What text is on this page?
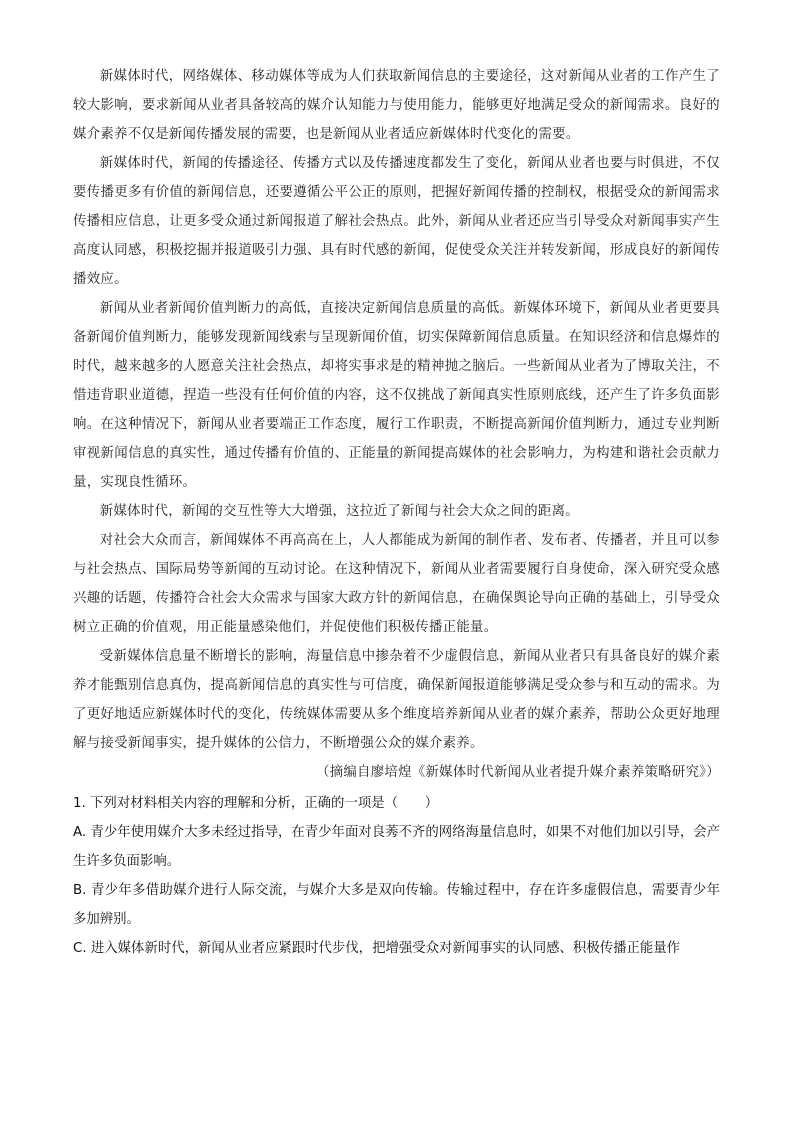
新媒体时代，网络媒体、移动媒体等成为人们获取新闻信息的主要途径，这对新闻从业者的工作产生了较大影响，要求新闻从业者具备较高的媒介认知能力与使用能力，能够更好地满足受众的新闻需求。良好的媒介素养不仅是新闻传播发展的需要，也是新闻从业者适应新媒体时代变化的需要。

新媒体时代，新闻的传播途径、传播方式以及传播速度都发生了变化，新闻从业者也要与时俱进，不仅要传播更多有价值的新闻信息，还要遵循公平公正的原则，把握好新闻传播的控制权，根据受众的新闻需求传播相应信息，让更多受众通过新闻报道了解社会热点。此外，新闻从业者还应当引导受众对新闻事实产生高度认同感，积极挖掘并报道吸引力强、具有时代感的新闻，促使受众关注并转发新闻，形成良好的新闻传播效应。

新闻从业者新闻价值判断力的高低，直接决定新闻信息质量的高低。新媒体环境下，新闻从业者更要具备新闻价值判断力，能够发现新闻线索与呈现新闻价值，切实保障新闻信息质量。在知识经济和信息爆炸的时代，越来越多的人愿意关注社会热点，却将实事求是的精神抛之脑后。一些新闻从业者为了博取关注，不惜违背职业道德，捏造一些没有任何价值的内容，这不仅挑战了新闻真实性原则底线，还产生了许多负面影响。在这种情况下，新闻从业者要端正工作态度，履行工作职责，不断提高新闻价值判断力，通过专业判断审视新闻信息的真实性，通过传播有价值的、正能量的新闻提高媒体的社会影响力，为构建和谐社会贡献力量，实现良性循环。

新媒体时代，新闻的交互性等大大增强，这拉近了新闻与社会大众之间的距离。

对社会大众而言，新闻媒体不再高高在上，人人都能成为新闻的制作者、发布者、传播者，并且可以参与社会热点、国际局势等新闻的互动讨论。在这种情况下，新闻从业者需要履行自身使命，深入研究受众感兴趣的话题，传播符合社会大众需求与国家大政方针的新闻信息，在确保舆论导向正确的基础上，引导受众树立正确的价值观，用正能量感染他们，并促使他们积极传播正能量。

受新媒体信息量不断增长的影响，海量信息中掺杂着不少虚假信息，新闻从业者只有具备良好的媒介素养才能甄别信息真伪，提高新闻信息的真实性与可信度，确保新闻报道能够满足受众参与和互动的需求。为了更好地适应新媒体时代的变化，传统媒体需要从多个维度培养新闻从业者的媒介素养，帮助公众更好地理解与接受新闻事实，提升媒体的公信力，不断增强公众的媒介素养。

（摘编自廖培煌《新媒体时代新闻从业者提升媒介素养策略研究》）

1. 下列对材料相关内容的理解和分析，正确的一项是（　　）

A. 青少年使用媒介大多未经过指导，在青少年面对良莠不齐的网络海量信息时，如果不对他们加以引导，会产生许多负面影响。

B. 青少年多借助媒介进行人际交流，与媒介大多是双向传输。传输过程中，存在许多虚假信息，需要青少年多加辨别。

C. 进入媒体新时代，新闻从业者应紧跟时代步伐，把增强受众对新闻事实的认同感、积极传播正能量作
